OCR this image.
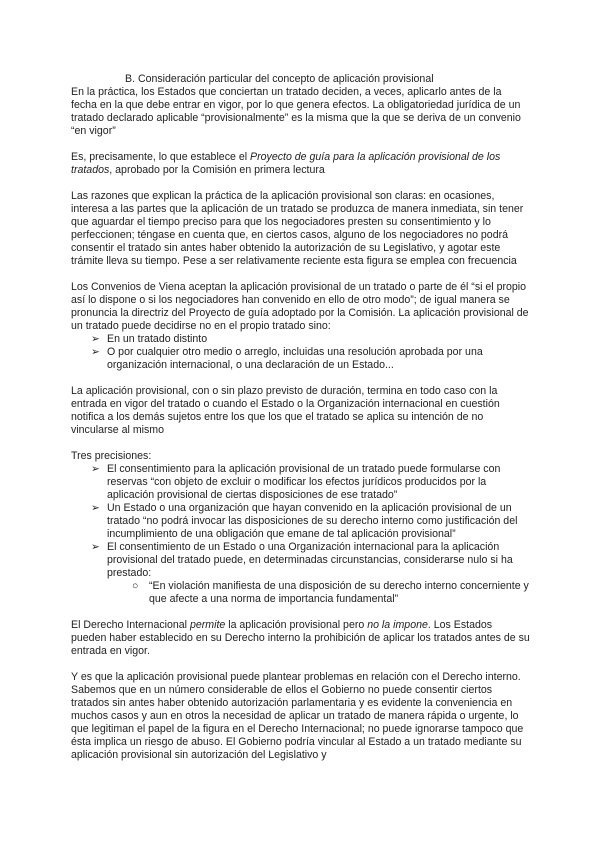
B. Consideración particular del concepto de aplicación provisional

En la práctica, los Estados que conciertan un tratado deciden, a veces, aplicarlo antes de la fecha en la que debe entrar en vigor, por lo que genera efectos. La obligatoriedad jurídica de un tratado declarado aplicable “provisionalmente” es la misma que la que se deriva de un convenio “en vigor”

Es, precisamente, lo que establece el Proyecto de guía para la aplicación provisional de los tratados, aprobado por la Comisión en primera lectura

Las razones que explican la práctica de la aplicación provisional son claras: en ocasiones, interesa a las partes que la aplicación de un tratado se produzca de manera inmediata, sin tener que aguardar el tiempo preciso para que los negociadores presten su consentimiento y lo perfeccionen; téngase en cuenta que, en ciertos casos, alguno de los negociadores no podrá consentir el tratado sin antes haber obtenido la autorización de su Legislativo, y agotar este trámite lleva su tiempo. Pese a ser relativamente reciente esta figura se emplea con frecuencia

Los Convenios de Viena aceptan la aplicación provisional de un tratado o parte de él “si el propio así lo dispone o si los negociadores han convenido en ello de otro modo”; de igual manera se pronuncia la directriz del Proyecto de guía adoptado por la Comisión. La aplicación provisional de un tratado puede decidirse no en el propio tratado sino:

➢ En un tratado distinto
➢ O por cualquier otro medio o arreglo, incluidas una resolución aprobada por una organización internacional, o una declaración de un Estado...

La aplicación provisional, con o sin plazo previsto de duración, termina en todo caso con la entrada en vigor del tratado o cuando el Estado o la Organización internacional en cuestión notifica a los demás sujetos entre los que los que el tratado se aplica su intención de no vincularse al mismo

Tres precisiones:

➢ El consentimiento para la aplicación provisional de un tratado puede formularse con reservas “con objeto de excluir o modificar los efectos jurídicos producidos por la aplicación provisional de ciertas disposiciones de ese tratado”
➢ Un Estado o una organización que hayan convenido en la aplicación provisional de un tratado “no podrá invocar las disposiciones de su derecho interno como justificación del incumplimiento de una obligación que emane de tal aplicación provisional”
➢ El consentimiento de un Estado o una Organización internacional para la aplicación provisional del tratado puede, en determinadas circunstancias, considerarse nulo si ha prestado:
○ “En violación manifiesta de una disposición de su derecho interno concerniente y que afecte a una norma de importancia fundamental”

El Derecho Internacional permite la aplicación provisional pero no la impone. Los Estados pueden haber establecido en su Derecho interno la prohibición de aplicar los tratados antes de su entrada en vigor.

Y es que la aplicación provisional puede plantear problemas en relación con el Derecho interno. Sabemos que en un número considerable de ellos el Gobierno no puede consentir ciertos tratados sin antes haber obtenido autorización parlamentaria y es evidente la conveniencia en muchos casos y aun en otros la necesidad de aplicar un tratado de manera rápida o urgente, lo que legitiman el papel de la figura en el Derecho Internacional; no puede ignorarse tampoco que ésta implica un riesgo de abuso. El Gobierno podría vincular al Estado a un tratado mediante su aplicación provisional sin autorización del Legislativo y
